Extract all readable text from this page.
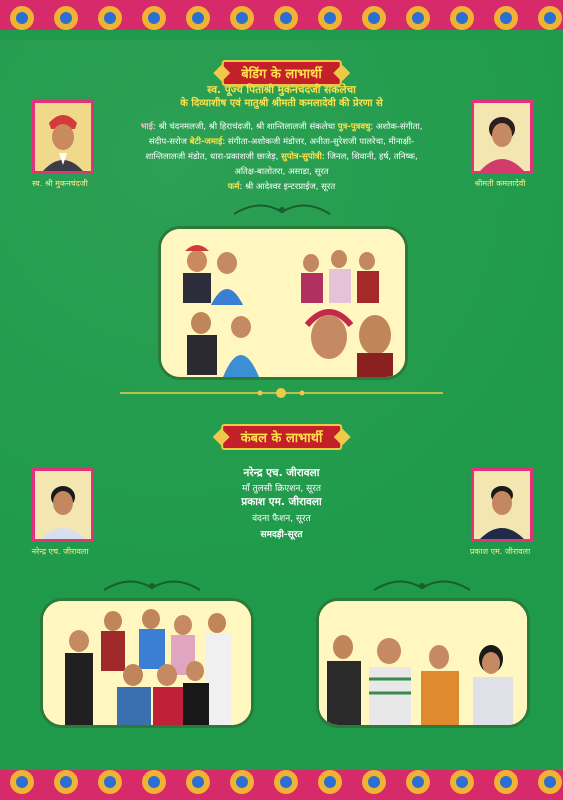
बेडिंग के लाभार्थी
स्व. श्री मुकनचंदजी	श्रीमती कमलादेवी
स्व. पूज्य पिताश्री मुकनचंदजी संकलेचा
के दिव्याशीष एवं मातुश्री श्रीमती कमलादेवी की प्रेरणा से
भाई: श्री चंदनमलजी, श्री हिराचंदजी, श्री शान्तिलालजी संकलेचा पुत्र-पुत्रवधु: अशोक-संगीता,
संदीप-सरोज बेटी-जमाई: संगीता-अशोकजी मंडोत्तर, अनीता-सुरेशजी पालरेचा, मीनाक्षी-
शान्तिलालजी मंडोत, धारा-प्रकाशजी छाजेड़, सुपोत्र-सुपोत्री: जिनल, शिवानी, हर्ष, तनिष्क,
अतिक्ष-बालोतरा, असाडा, सूरत
फर्म: श्री आदेश्वर इन्टरप्राईज, सूरत
कंबल के लाभार्थी
नरेन्द्र एच. जीरावला	प्रकाश एम. जीरावला
नरेन्द्र एच. जीरावला
माँ तुलसी क्रिएशन, सूरत
प्रकाश एम. जीरावला
वंदना फैशन, सूरत
समदड़ी-सूरत
